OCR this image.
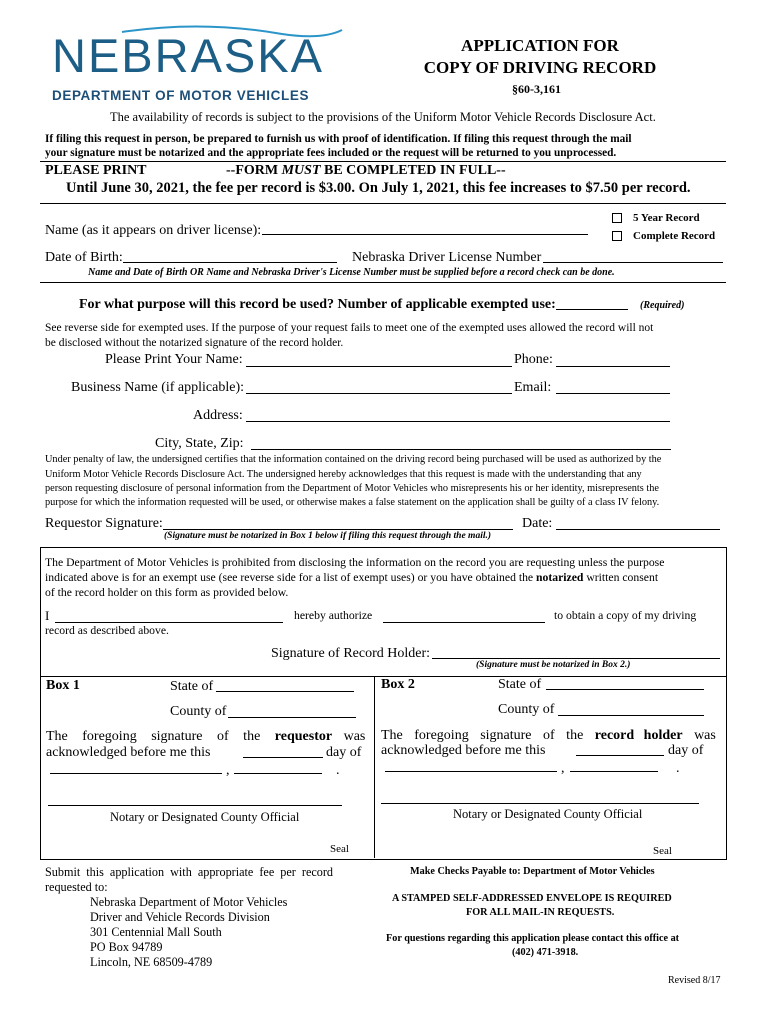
NEBRASKA
DEPARTMENT OF MOTOR VEHICLES
APPLICATION FOR
COPY OF DRIVING RECORD
§60-3,161
The availability of records is subject to the provisions of the Uniform Motor Vehicle Records Disclosure Act.
If filing this request in person, be prepared to furnish us with proof of identification. If filing this request through the mail
your signature must be notarized and the appropriate fees included or the request will be returned to you unprocessed.
PLEASE PRINT	--FORM MUST BE COMPLETED IN FULL--
Until June 30, 2021, the fee per record is $3.00. On July 1, 2021, this fee increases to $7.50 per record.
5 Year Record
Complete Record
Name (as it appears on driver license):
Date of Birth:	Nebraska Driver License Number
Name and Date of Birth OR Name and Nebraska Driver's License Number must be supplied before a record check can be done.
For what purpose will this record be used? Number of applicable exempted use:	(Required)
See reverse side for exempted uses. If the purpose of your request fails to meet one of the exempted uses allowed the record will not
be disclosed without the notarized signature of the record holder.
Please Print Your Name:	Phone:
Business Name (if applicable):	Email:
Address:
City, State, Zip:
Under penalty of law, the undersigned certifies that the information contained on the driving record being purchased will be used as authorized by the
Uniform Motor Vehicle Records Disclosure Act. The undersigned hereby acknowledges that this request is made with the understanding that any
person requesting disclosure of personal information from the Department of Motor Vehicles who misrepresents his or her identity, misrepresents the
purpose for which the information requested will be used, or otherwise makes a false statement on the application shall be guilty of a class IV felony.
Requestor Signature:	Date:
(Signature must be notarized in Box 1 below if filing this request through the mail.)
The Department of Motor Vehicles is prohibited from disclosing the information on the record you are requesting unless the purpose
indicated above is for an exempt use (see reverse side for a list of exempt uses) or you have obtained the notarized written consent
of the record holder on this form as provided below.
I	hereby authorize	to obtain a copy of my driving
record as described above.
Signature of Record Holder:
(Signature must be notarized in Box 2.)
Box 1	State of
County of
The foregoing signature of the requestor was
acknowledged before me this	day of
,	.
Notary or Designated County Official
Seal
Box 2	State of
County of
The foregoing signature of the record holder was
acknowledged before me this	day of
,	.
Notary or Designated County Official
Seal
Submit this application with appropriate fee per record
requested to:
Nebraska Department of Motor Vehicles
Driver and Vehicle Records Division
301 Centennial Mall South
PO Box 94789
Lincoln, NE 68509-4789
Make Checks Payable to: Department of Motor Vehicles
A STAMPED SELF-ADDRESSED ENVELOPE IS REQUIRED
FOR ALL MAIL-IN REQUESTS.
For questions regarding this application please contact this office at
(402) 471-3918.
Revised 8/17
